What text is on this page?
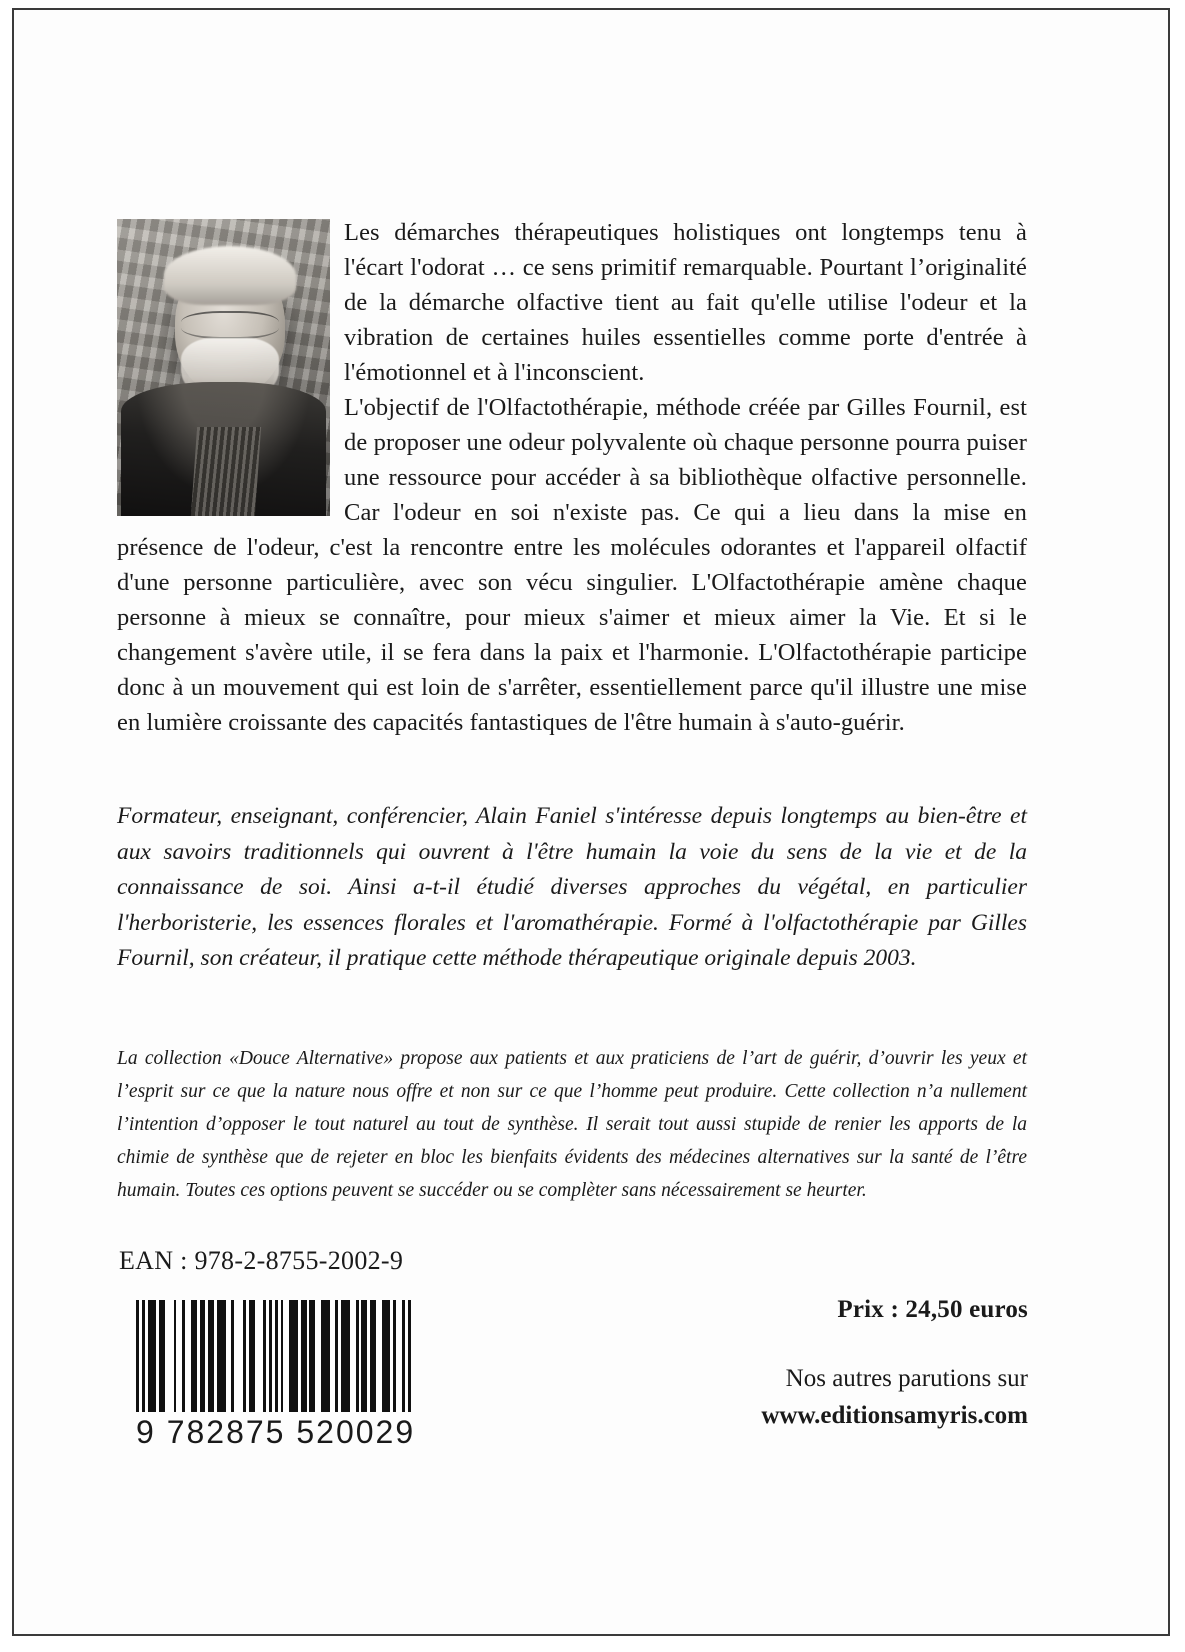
Les démarches thérapeutiques holistiques ont longtemps tenu à l'écart l'odorat … ce sens primitif remarquable. Pourtant l’originalité de la démarche olfactive tient au fait qu'elle utilise l'odeur et la vibration de certaines huiles essentielles comme porte d'entrée à l'émotionnel et à l'inconscient.

L'objectif de l'Olfactothérapie, méthode créée par Gilles Fournil, est de proposer une odeur polyvalente où chaque personne pourra puiser une ressource pour accéder à sa bibliothèque olfactive personnelle. Car l'odeur en soi n'existe pas. Ce qui a lieu dans la mise en présence de l'odeur, c'est la rencontre entre les molécules odorantes et l'appareil olfactif d'une personne particulière, avec son vécu singulier. L'Olfactothérapie amène chaque personne à mieux se connaître, pour mieux s'aimer et mieux aimer la Vie. Et si le changement s'avère utile, il se fera dans la paix et l'harmonie. L'Olfactothérapie participe donc à un mouvement qui est loin de s'arrêter, essentiellement parce qu'il illustre une mise en lumière croissante des capacités fantastiques de l'être humain à s'auto-guérir.

Formateur, enseignant, conférencier, Alain Faniel s'intéresse depuis longtemps au bien-être et aux savoirs traditionnels qui ouvrent à l'être humain la voie du sens de la vie et de la connaissance de soi. Ainsi a-t-il étudié diverses approches du végétal, en particulier l'herboristerie, les essences florales et l'aromathérapie. Formé à l'olfactothérapie par Gilles Fournil, son créateur, il pratique cette méthode thérapeutique originale depuis 2003.

La collection «Douce Alternative» propose aux patients et aux praticiens de l’art de guérir, d’ouvrir les yeux et l’esprit sur ce que la nature nous offre et non sur ce que l’homme peut produire. Cette collection n’a nullement l’intention d’opposer le tout naturel au tout de synthèse. Il serait tout aussi stupide de renier les apports de la chimie de synthèse que de rejeter en bloc les bienfaits évidents des médecines alternatives sur la santé de l’être humain. Toutes ces options peuvent se succéder ou se complèter sans nécessairement se heurter.

EAN : 978-2-8755-2002-9
9 782875 520029
Prix : 24,50 euros
Nos autres parutions sur
www.editionsamyris.com
